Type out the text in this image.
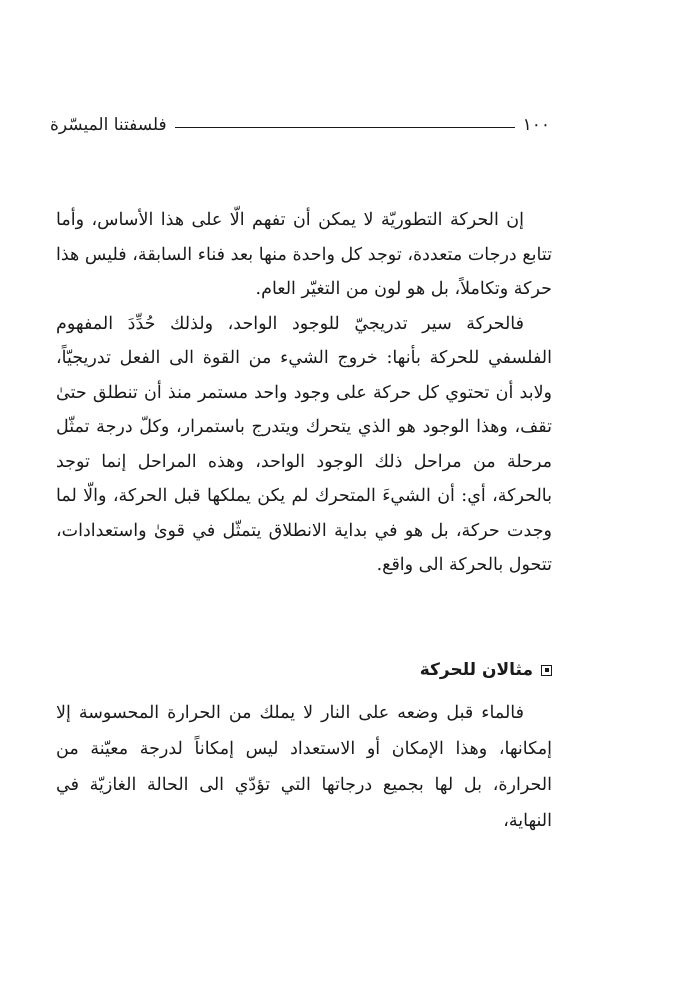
١٠٠
فلسفتنا الميسّرة

إن الحركة التطوريّة لا يمكن أن تفهم الّا على هذا الأساس، وأما تتابع درجات متعددة، توجد كل واحدة منها بعد فناء السابقة، فليس هذا حركة وتكاملاً، بل هو لون من التغيّر العام.

فالحركة سير تدريجيّ للوجود الواحد، ولذلك حُدِّدَ المفهوم الفلسفي للحركة بأنها: خروج الشيء من القوة الى الفعل تدريجيّاً، ولابد أن تحتوي كل حركة على وجود واحد مستمر منذ أن تنطلق حتىٰ تقف، وهذا الوجود هو الذي يتحرك ويتدرج باستمرار، وكلّ درجة تمثّل مرحلة من مراحل ذلك الوجود الواحد، وهذه المراحل إنما توجد بالحركة، أي: أن الشيءَ المتحرك لم يكن يملكها قبل الحركة، والّا لما وجدت حركة، بل هو في بداية الانطلاق يتمثّل في قوىٰ واستعدادات، تتحول بالحركة الى واقع.

مثالان للحركة

فالماء قبل وضعه على النار لا يملك من الحرارة المحسوسة إلا إمكانها، وهذا الإمكان أو الاستعداد ليس إمكاناً لدرجة معيّنة من الحرارة، بل لها بجميع درجاتها التي تؤدّي الى الحالة الغازيّة في النهاية،
